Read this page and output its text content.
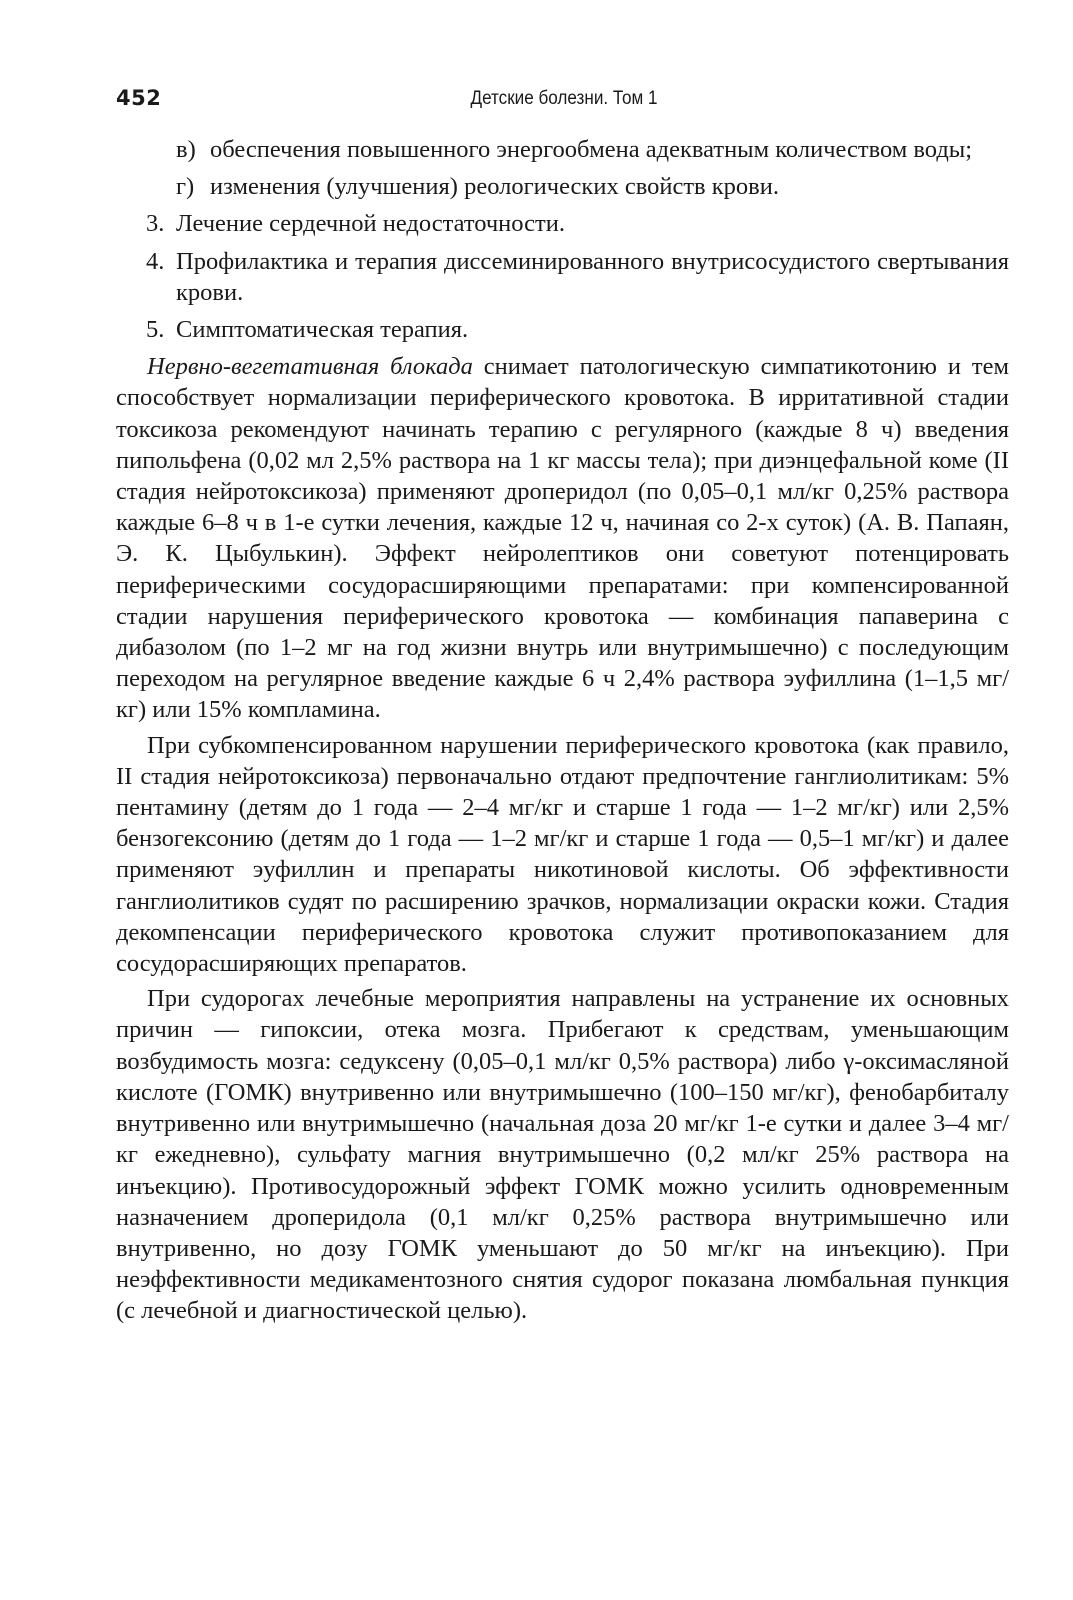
452	Детские болезни. Том 1
в) обеспечения повышенного энергообмена адекватным количеством воды;
г) изменения (улучшения) реологических свойств крови.
3. Лечение сердечной недостаточности.
4. Профилактика и терапия диссеминированного внутрисосудистого свертывания крови.
5. Симптоматическая терапия.

Нервно-вегетативная блокада снимает патологическую симпатикотонию и тем способствует нормализации периферического кровотока. В ирритативной стадии токсикоза рекомендуют начинать терапию с регулярного (каждые 8 ч) введения пипольфена (0,02 мл 2,5% раствора на 1 кг массы тела); при диэнцефальной коме (II стадия нейротоксикоза) применяют дроперидол (по 0,05–0,1 мл/кг 0,25% раствора каждые 6–8 ч в 1-е сутки лечения, каждые 12 ч, начиная со 2-х суток) (А. В. Папаян, Э. К. Цыбулькин). Эффект нейролептиков они советуют потенцировать периферическими сосудорасширяющими препаратами: при компенсированной стадии нарушения периферического кровотока — комбинация папаверина с дибазолом (по 1–2 мг на год жизни внутрь или внутримышечно) с последующим переходом на регулярное введение каждые 6 ч 2,4% раствора эуфиллина (1–1,5 мг/кг) или 15% компламина.

При субкомпенсированном нарушении периферического кровотока (как правило, II стадия нейротоксикоза) первоначально отдают предпочтение ганглиолитикам: 5% пентамину (детям до 1 года — 2–4 мг/кг и старше 1 года — 1–2 мг/кг) или 2,5% бензогексонию (детям до 1 года — 1–2 мг/кг и старше 1 года — 0,5–1 мг/кг) и далее применяют эуфиллин и препараты никотиновой кислоты. Об эффективности ганглиолитиков судят по расширению зрачков, нормализации окраски кожи. Стадия декомпенсации периферического кровотока служит противопоказанием для сосудорасширяющих препаратов.

При судорогах лечебные мероприятия направлены на устранение их основных причин — гипоксии, отека мозга. Прибегают к средствам, уменьшающим возбудимость мозга: седуксену (0,05–0,1 мл/кг 0,5% раствора) либо γ-оксимасляной кислоте (ГОМК) внутривенно или внутримышечно (100–150 мг/кг), фенобарбиталу внутривенно или внутримышечно (начальная доза 20 мг/кг 1-е сутки и далее 3–4 мг/кг ежедневно), сульфату магния внутримышечно (0,2 мл/кг 25% раствора на инъекцию). Противосудорожный эффект ГОМК можно усилить одновременным назначением дроперидола (0,1 мл/кг 0,25% раствора внутримышечно или внутривенно, но дозу ГОМК уменьшают до 50 мг/кг на инъекцию). При неэффективности медикаментозного снятия судорог показана люмбальная пункция (с лечебной и диагностической целью).
